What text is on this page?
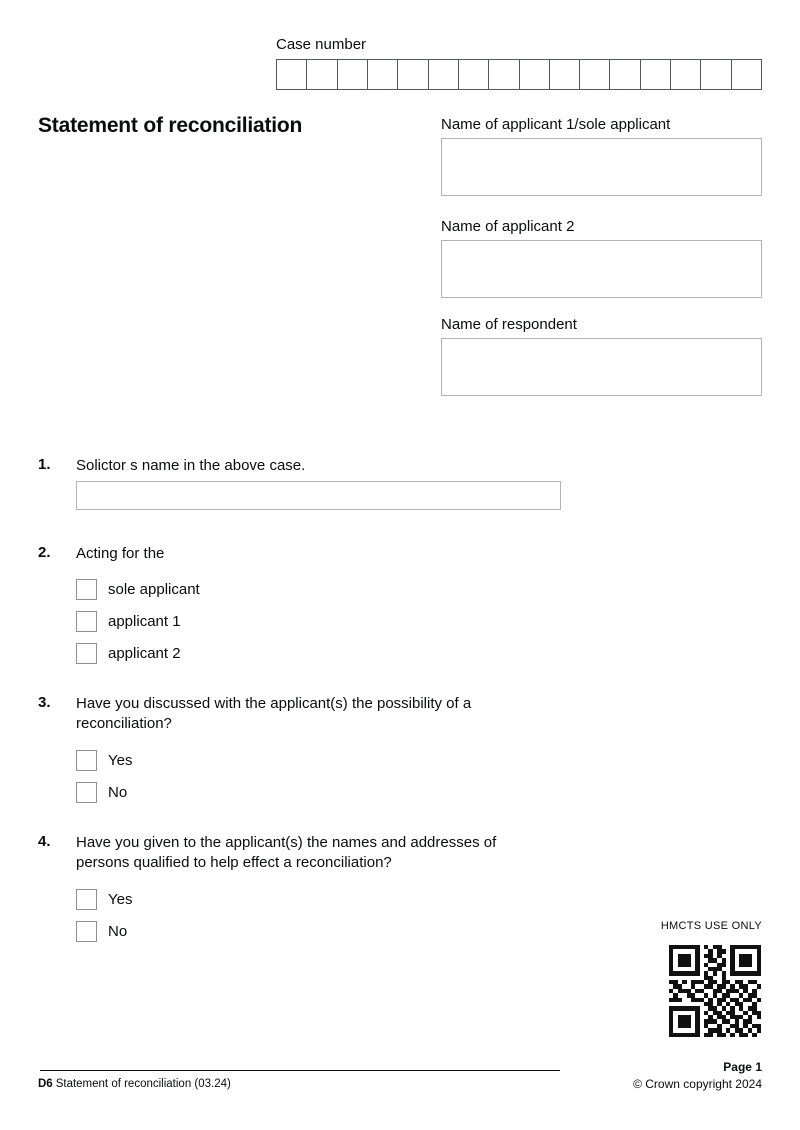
Case number
Statement of reconciliation	Name of applicant 1/sole applicant
Name of applicant 2
Name of respondent
1. Solictor s name in the above case.
2. Acting for the
sole applicant
applicant 1
applicant 2
3. Have you discussed with the applicant(s) the possibility of a
reconciliation?
Yes
No
4. Have you given to the applicant(s) the names and addresses of
persons qualified to help effect a reconciliation?
Yes
No	HMCTS USE ONLY
D6 Statement of reconciliation (03.24)
Page 1
© Crown copyright 2024
